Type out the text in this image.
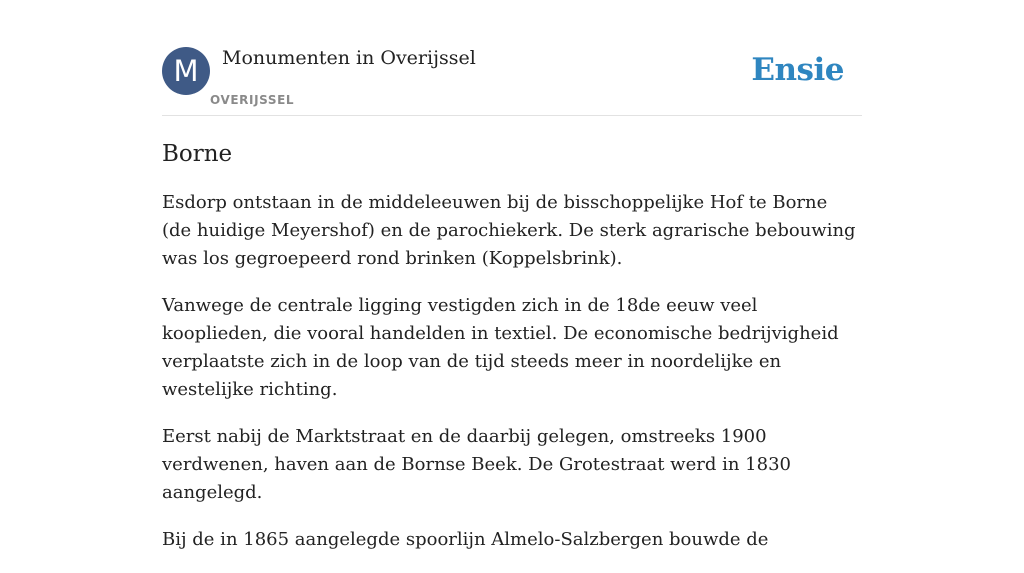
M	Monumenten in Overijssel
OVERIJSSEL
Ensie
Borne

Esdorp ontstaan in de middeleeuwen bij de bisschoppelijke Hof te Borne (de huidige Meyershof) en de parochiekerk. De sterk agrarische bebouwing was los gegroepeerd rond brinken (Koppelsbrink).

Vanwege de centrale ligging vestigden zich in de 18de eeuw veel kooplieden, die vooral handelden in textiel. De economische bedrijvigheid verplaatste zich in de loop van de tijd steeds meer in noordelijke en westelijke richting.

Eerst nabij de Marktstraat en de daarbij gelegen, omstreeks 1900 verdwenen, haven aan de Bornse Beek. De Grotestraat werd in 1830 aangelegd.

Bij de in 1865 aangelegde spoorlijn Almelo-Salzbergen bouwde de
